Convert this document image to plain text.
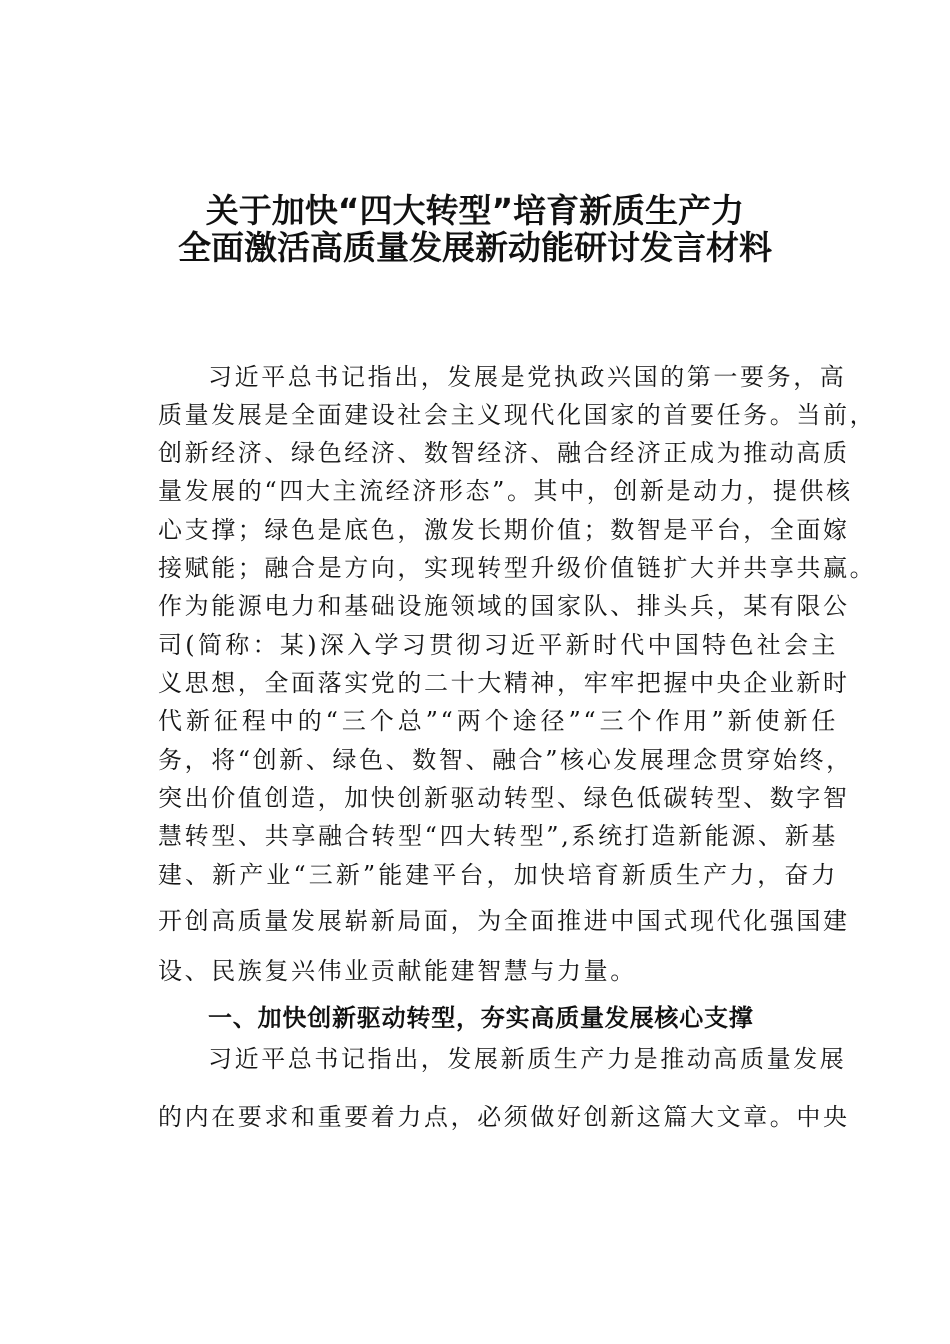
关于加快“四大转型”培育新质生产力
全面激活高质量发展新动能研讨发言材料
习近平总书记指出，发展是党执政兴国的第一要务，高
质量发展是全面建设社会主义现代化国家的首要任务。当前，
创新经济、绿色经济、数智经济、融合经济正成为推动高质
量发展的“四大主流经济形态”。其中，创新是动力，提供核
心支撑；绿色是底色，激发长期价值；数智是平台，全面嫁
接赋能；融合是方向，实现转型升级价值链扩大并共享共赢。
作为能源电力和基础设施领域的国家队、排头兵，某有限公
司(简称：某)深入学习贯彻习近平新时代中国特色社会主
义思想，全面落实党的二十大精神，牢牢把握中央企业新时
代新征程中的“三个总”“两个途径”“三个作用”新使新任
务，将“创新、绿色、数智、融合”核心发展理念贯穿始终，
突出价值创造，加快创新驱动转型、绿色低碳转型、数字智
慧转型、共享融合转型“四大转型”,系统打造新能源、新基
建、新产业“三新”能建平台，加快培育新质生产力，奋力
开创高质量发展崭新局面，为全面推进中国式现代化强国建
设、民族复兴伟业贡献能建智慧与力量。
一、加快创新驱动转型，夯实高质量发展核心支撑
习近平总书记指出，发展新质生产力是推动高质量发展
的内在要求和重要着力点，必须做好创新这篇大文章。中央
